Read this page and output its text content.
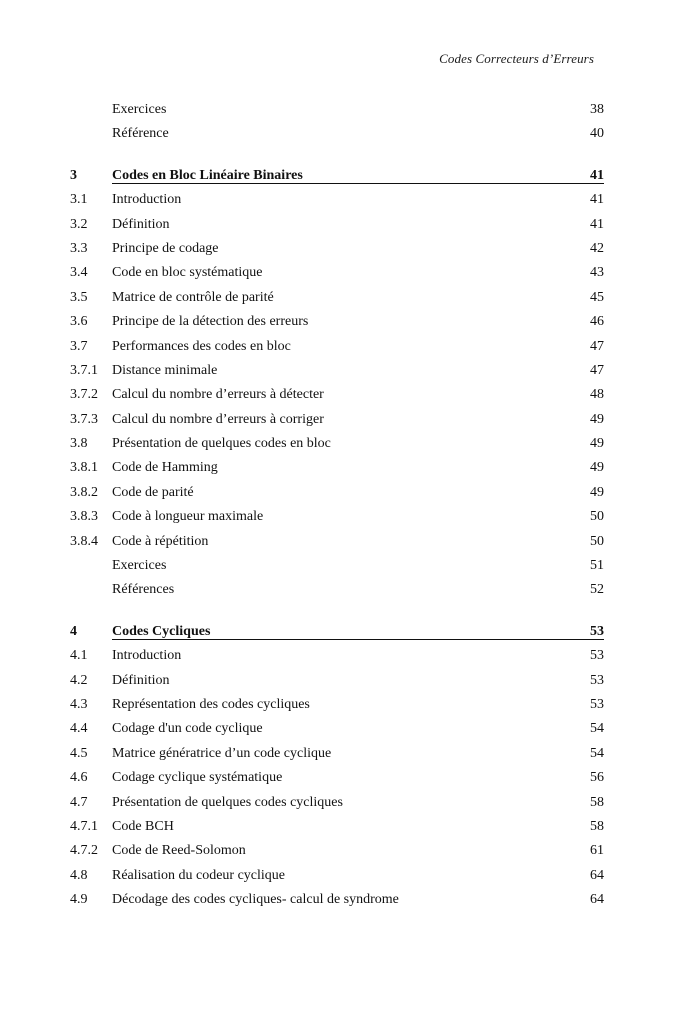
Codes Correcteurs d’Erreurs
Exercices	38
Référence	40
3	Codes en Bloc Linéaire Binaires	41
3.1 Introduction	41
3.2 Définition	41
3.3 Principe de codage	42
3.4 Code en bloc systématique	43
3.5 Matrice de contrôle de parité	45
3.6 Principe de la détection des erreurs	46
3.7 Performances des codes en bloc	47
3.7.1 Distance minimale	47
3.7.2 Calcul du nombre d’erreurs à détecter	48
3.7.3 Calcul du nombre d’erreurs à corriger	49
3.8 Présentation de quelques codes en bloc	49
3.8.1 Code de Hamming	49
3.8.2 Code de parité	49
3.8.3 Code à longueur maximale	50
3.8.4 Code à répétition	50
Exercices	51
Références	52
4	Codes Cycliques	53
4.1 Introduction	53
4.2 Définition	53
4.3 Représentation des codes cycliques	53
4.4 Codage d'un code cyclique	54
4.5 Matrice génératrice d’un code cyclique	54
4.6 Codage cyclique systématique	56
4.7 Présentation de quelques codes cycliques	58
4.7.1 Code BCH	58
4.7.2 Code de Reed-Solomon	61
4.8 Réalisation du codeur cyclique	64
4.9 Décodage des codes cycliques- calcul de syndrome	64
